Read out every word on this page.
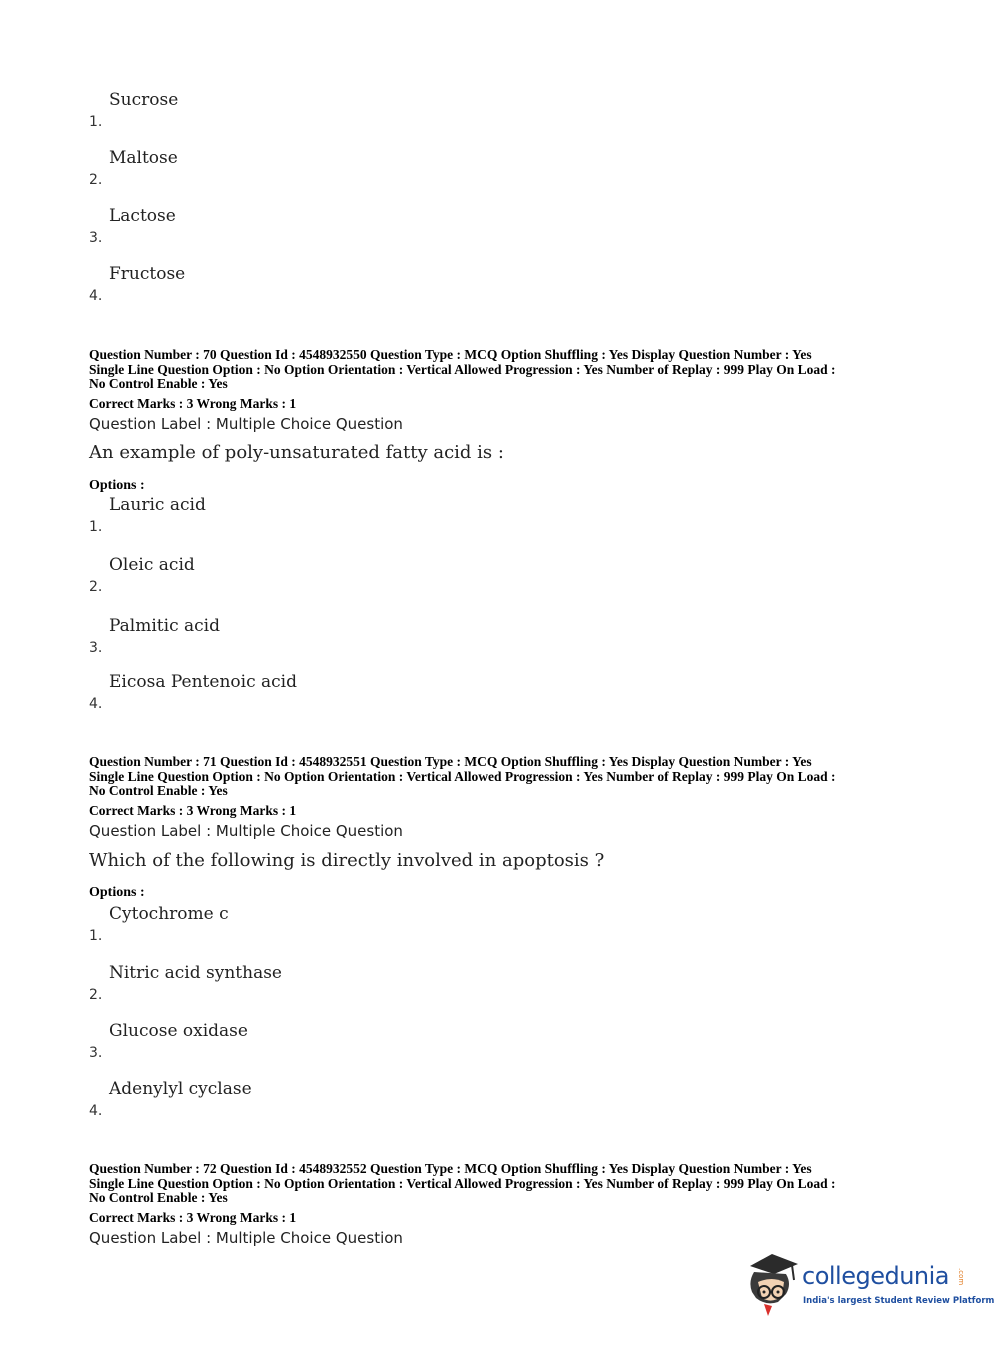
1.
Sucrose
2.
Maltose
3.
Lactose
4.
Fructose
Question Number : 70 Question Id : 4548932550 Question Type : MCQ Option Shuffling : Yes Display Question Number : Yes
Single Line Question Option : No Option Orientation : Vertical Allowed Progression : Yes Number of Replay : 999 Play On Load :
No Control Enable : Yes
Correct Marks : 3 Wrong Marks : 1
Question Label : Multiple Choice Question
An example of poly-unsaturated fatty acid is :
Options :
1.
Lauric acid
2.
Oleic acid
3.
Palmitic acid
4.
Eicosa Pentenoic acid
Question Number : 71 Question Id : 4548932551 Question Type : MCQ Option Shuffling : Yes Display Question Number : Yes
Single Line Question Option : No Option Orientation : Vertical Allowed Progression : Yes Number of Replay : 999 Play On Load :
No Control Enable : Yes
Correct Marks : 3 Wrong Marks : 1
Question Label : Multiple Choice Question
Which of the following is directly involved in apoptosis ?
Options :
1.
Cytochrome c
2.
Nitric acid synthase
3.
Glucose oxidase
4.
Adenylyl cyclase
Question Number : 72 Question Id : 4548932552 Question Type : MCQ Option Shuffling : Yes Display Question Number : Yes
Single Line Question Option : No Option Orientation : Vertical Allowed Progression : Yes Number of Replay : 999 Play On Load :
No Control Enable : Yes
Correct Marks : 3 Wrong Marks : 1
Question Label : Multiple Choice Question
collegedunia .com
India's largest Student Review Platform
